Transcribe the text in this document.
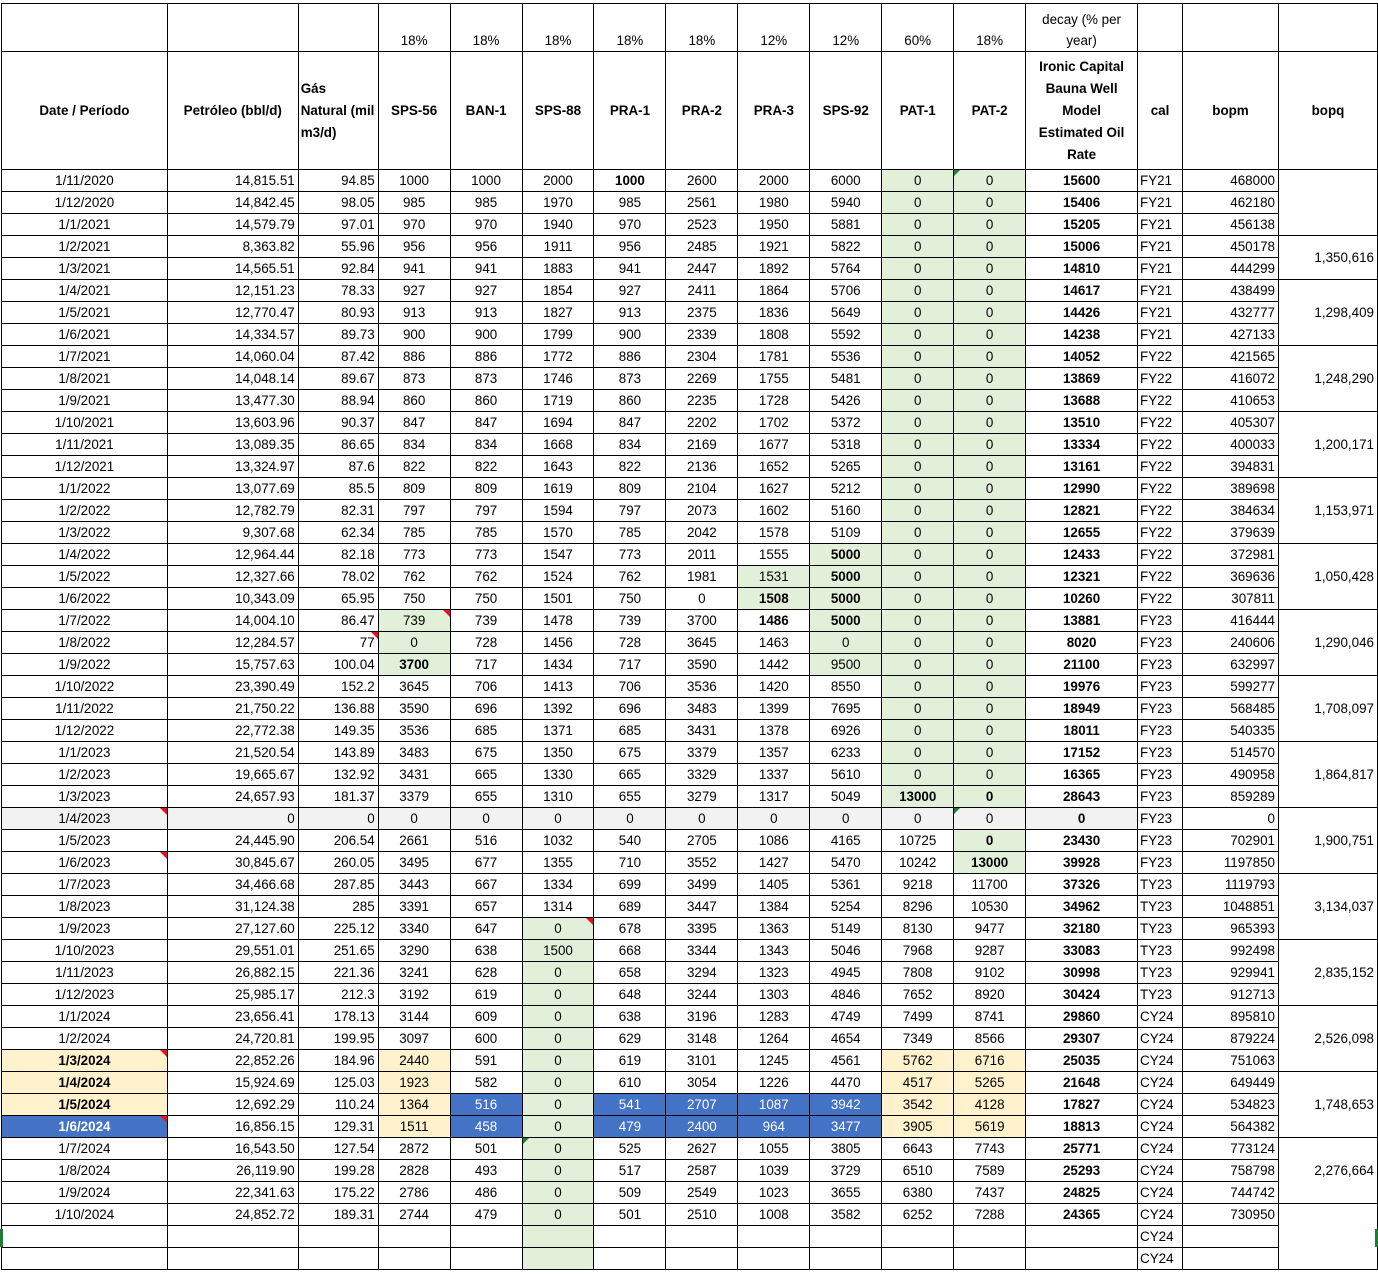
			18%	18%	18%	18%	18%	12%	12%	60%	18%	decay (% per year)			
Date / Período	Petróleo (bbl/d)	Gás Natural (mil m3/d)	SPS-56	BAN-1	SPS-88	PRA-1	PRA-2	PRA-3	SPS-92	PAT-1	PAT-2	Ironic Capital Bauna Well Model Estimated Oil Rate	cal	bopm	bopq
1/11/2020	14,815.51	94.85	1000	1000	2000	1000	2600	2000	6000	0	0	15600	FY21	468000	
1/12/2020	14,842.45	98.05	985	985	1970	985	2561	1980	5940	0	0	15406	FY21	462180	
1/1/2021	14,579.79	97.01	970	970	1940	970	2523	1950	5881	0	0	15205	FY21	456138	
1/2/2021	8,363.82	55.96	956	956	1911	956	2485	1921	5822	0	0	15006	FY21	450178	1,350,616
1/3/2021	14,565.51	92.84	941	941	1883	941	2447	1892	5764	0	0	14810	FY21	444299	
1/4/2021	12,151.23	78.33	927	927	1854	927	2411	1864	5706	0	0	14617	FY21	438499	1,298,409
1/5/2021	12,770.47	80.93	913	913	1827	913	2375	1836	5649	0	0	14426	FY21	432777	
1/6/2021	14,334.57	89.73	900	900	1799	900	2339	1808	5592	0	0	14238	FY21	427133	
1/7/2021	14,060.04	87.42	886	886	1772	886	2304	1781	5536	0	0	14052	FY22	421565	1,248,290
1/8/2021	14,048.14	89.67	873	873	1746	873	2269	1755	5481	0	0	13869	FY22	416072	
1/9/2021	13,477.30	88.94	860	860	1719	860	2235	1728	5426	0	0	13688	FY22	410653	
1/10/2021	13,603.96	90.37	847	847	1694	847	2202	1702	5372	0	0	13510	FY22	405307	1,200,171
1/11/2021	13,089.35	86.65	834	834	1668	834	2169	1677	5318	0	0	13334	FY22	400033	
1/12/2021	13,324.97	87.6	822	822	1643	822	2136	1652	5265	0	0	13161	FY22	394831	
1/1/2022	13,077.69	85.5	809	809	1619	809	2104	1627	5212	0	0	12990	FY22	389698	1,153,971
1/2/2022	12,782.79	82.31	797	797	1594	797	2073	1602	5160	0	0	12821	FY22	384634	
1/3/2022	9,307.68	62.34	785	785	1570	785	2042	1578	5109	0	0	12655	FY22	379639	
1/4/2022	12,964.44	82.18	773	773	1547	773	2011	1555	5000	0	0	12433	FY22	372981	1,050,428
1/5/2022	12,327.66	78.02	762	762	1524	762	1981	1531	5000	0	0	12321	FY22	369636	
1/6/2022	10,343.09	65.95	750	750	1501	750	0	1508	5000	0	0	10260	FY22	307811	
1/7/2022	14,004.10	86.47	739	739	1478	739	3700	1486	5000	0	0	13881	FY23	416444	1,290,046
1/8/2022	12,284.57	77	0	728	1456	728	3645	1463	0	0	0	8020	FY23	240606	
1/9/2022	15,757.63	100.04	3700	717	1434	717	3590	1442	9500	0	0	21100	FY23	632997	
1/10/2022	23,390.49	152.2	3645	706	1413	706	3536	1420	8550	0	0	19976	FY23	599277	1,708,097
1/11/2022	21,750.22	136.88	3590	696	1392	696	3483	1399	7695	0	0	18949	FY23	568485	
1/12/2022	22,772.38	149.35	3536	685	1371	685	3431	1378	6926	0	0	18011	FY23	540335	
1/1/2023	21,520.54	143.89	3483	675	1350	675	3379	1357	6233	0	0	17152	FY23	514570	1,864,817
1/2/2023	19,665.67	132.92	3431	665	1330	665	3329	1337	5610	0	0	16365	FY23	490958	
1/3/2023	24,657.93	181.37	3379	655	1310	655	3279	1317	5049	13000	0	28643	FY23	859289	
1/4/2023	0	0	0	0	0	0	0	0	0	0	0	0	FY23	0	1,900,751
1/5/2023	24,445.90	206.54	2661	516	1032	540	2705	1086	4165	10725	0	23430	FY23	702901	
1/6/2023	30,845.67	260.05	3495	677	1355	710	3552	1427	5470	10242	13000	39928	FY23	1197850	
1/7/2023	34,466.68	287.85	3443	667	1334	699	3499	1405	5361	9218	11700	37326	TY23	1119793	3,134,037
1/8/2023	31,124.38	285	3391	657	1314	689	3447	1384	5254	8296	10530	34962	TY23	1048851	
1/9/2023	27,127.60	225.12	3340	647	0	678	3395	1363	5149	8130	9477	32180	TY23	965393	
1/10/2023	29,551.01	251.65	3290	638	1500	668	3344	1343	5046	7968	9287	33083	TY23	992498	2,835,152
1/11/2023	26,882.15	221.36	3241	628	0	658	3294	1323	4945	7808	9102	30998	TY23	929941	
1/12/2023	25,985.17	212.3	3192	619	0	648	3244	1303	4846	7652	8920	30424	TY23	912713	
1/1/2024	23,656.41	178.13	3144	609	0	638	3196	1283	4749	7499	8741	29860	CY24	895810	2,526,098
1/2/2024	24,720.81	199.95	3097	600	0	629	3148	1264	4654	7349	8566	29307	CY24	879224	
1/3/2024	22,852.26	184.96	2440	591	0	619	3101	1245	4561	5762	6716	25035	CY24	751063	
1/4/2024	15,924.69	125.03	1923	582	0	610	3054	1226	4470	4517	5265	21648	CY24	649449	1,748,653
1/5/2024	12,692.29	110.24	1364	516	0	541	2707	1087	3942	3542	4128	17827	CY24	534823	
1/6/2024	16,856.15	129.31	1511	458	0	479	2400	964	3477	3905	5619	18813	CY24	564382	
1/7/2024	16,543.50	127.54	2872	501	0	525	2627	1055	3805	6643	7743	25771	CY24	773124	2,276,664
1/8/2024	26,119.90	199.28	2828	493	0	517	2587	1039	3729	6510	7589	25293	CY24	758798	
1/9/2024	22,341.63	175.22	2786	486	0	509	2549	1023	3655	6380	7437	24825	CY24	744742	
1/10/2024	24,852.72	189.31	2744	479	0	501	2510	1008	3582	6252	7288	24365	CY24	730950	
													CY24		
													CY24		
